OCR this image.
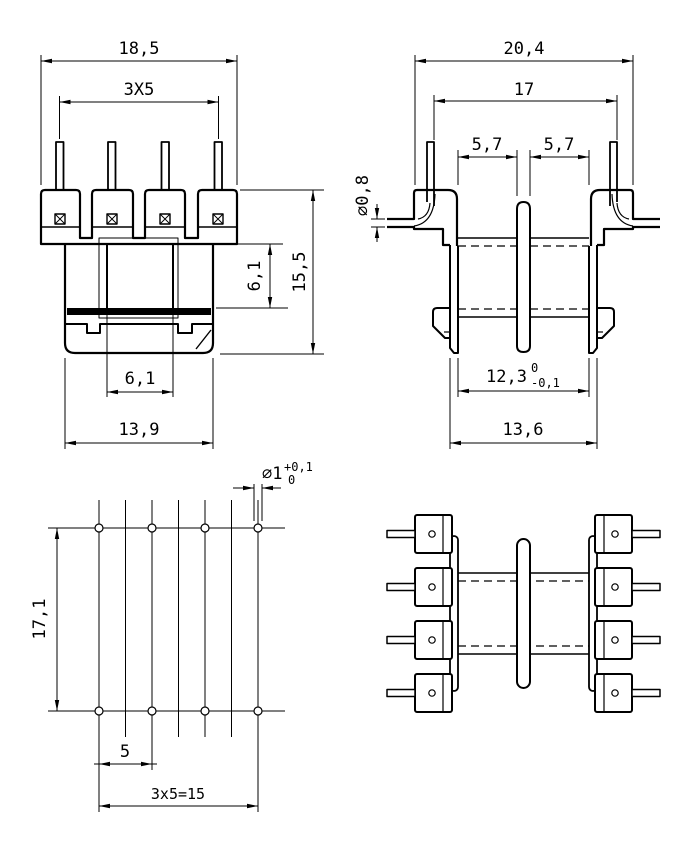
18,5
3X5
6,1 15,5
6,1
13,9
20,4
17
5,7 5,7
∅0,8
12,3 0
-0,1
13,6
∅1 +0,1
0
17,1
5
3x5=15
